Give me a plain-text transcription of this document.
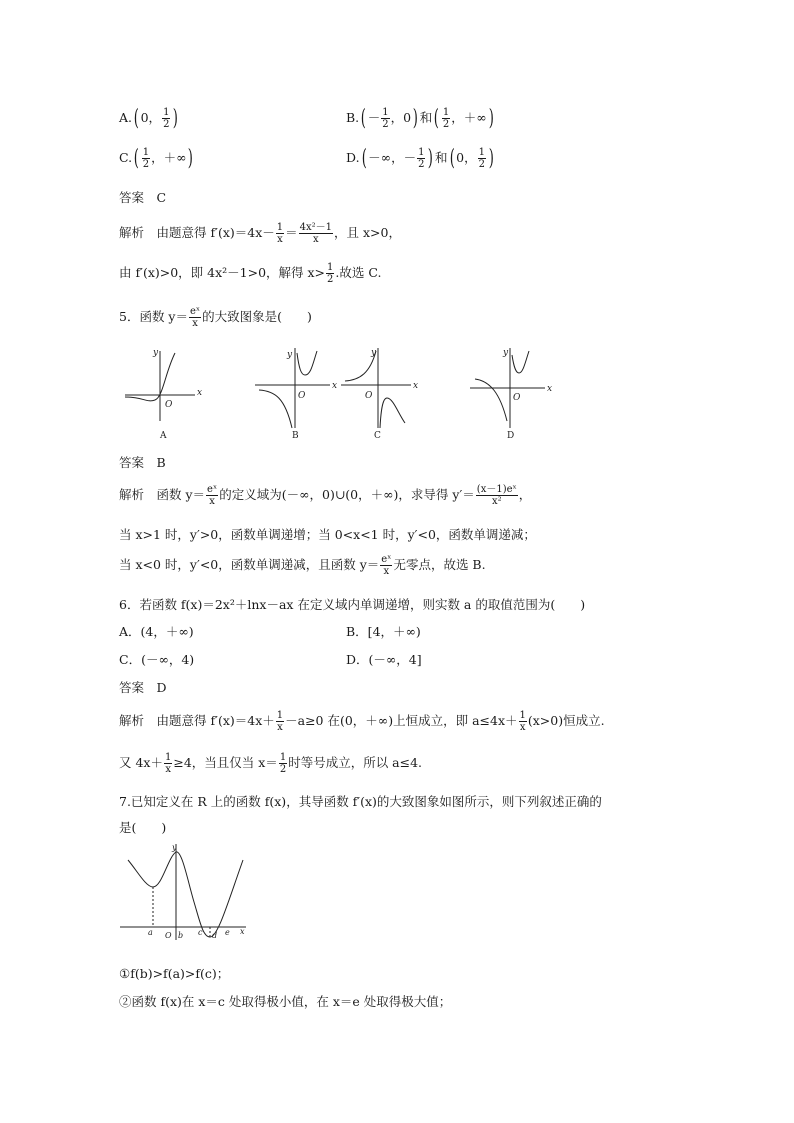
A.( 0， $\frac{1}{2}$ )	$B.( - \frac{1}{2}$ ，0) 和( $\frac{1}{2}$ ，＋∞)
$C.( \frac{1}{2}$ ，＋∞)	D.( －∞，－ $\frac{1}{2}$ ) 和( 0， $\frac{1}{2}$ )
答案　C
解析　由题意得 $f'(x)=4x- \frac{1}{x} = \frac{\text{4x²－1}}{x}$ ，且 x>0，
由 f′(x)>0，即 4x²－1>0，解得 $x> \frac{1}{2}$ .故选 C.
5．函数 $y= \frac{\text{eˣ}}{x}$ 的大致图象是(　　)
x
y
O
x
y
O
x
y
O
x
y
O
A	B	C	D
答案　B
解析　函数 $y= \frac{\text{eˣ}}{x}$ 的定义域为(－∞，0)∪(0，＋∞)，求导得 $y'= \frac{\text{(x－1)eˣ}}{\text{x²}}$ ，
当 x>1 时，y′>0，函数单调递增；当 0<x<1 时，y′<0，函数单调递减；
当 x<0 时，y′<0，函数单调递减，且函数 $y= \frac{\text{eˣ}}{x}$ 无零点，故选 B.
6．若函数 f(x)＝2x²＋lnx－ax 在定义域内单调递增，则实数 a 的取值范围为(　　)
A．(4，＋∞)	B．[4，＋∞)
C．(－∞，4)	D．(－∞，4]
答案　D
解析　由题意得 $f'(x)=4x+ \frac{1}{x} -a\ge 0$ 在(0，＋∞)上恒成立，即 $a\le 4x+ \frac{1}{x} (x>0)$恒成立.
又 $4x+ \frac{1}{x} \ge 4$，当且仅当 $x= \frac{1}{2}$ 时等号成立，所以 a≤4.
7.已知定义在 R 上的函数 f(x)，其导函数 f′(x)的大致图象如图所示，则下列叙述正确的
是(　　)
a O b c d e x
y
①f(b)>f(a)>f(c)；
②函数 f(x)在 x＝c 处取得极小值，在 x＝e 处取得极大值；
